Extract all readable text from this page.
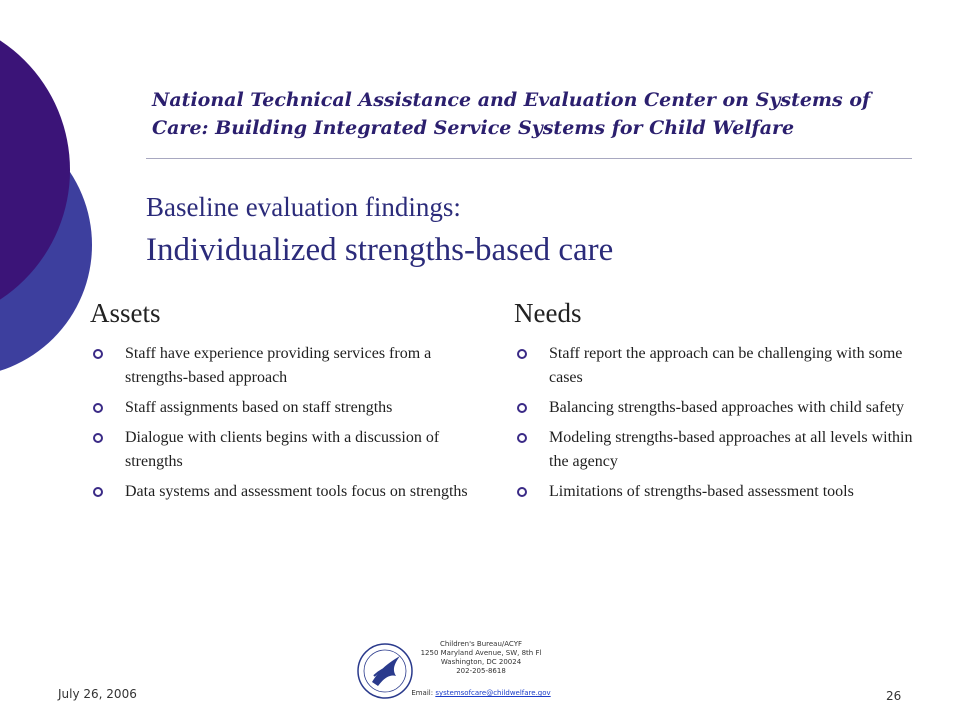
National Technical Assistance and Evaluation Center on Systems of Care: Building Integrated Service Systems for Child Welfare
Baseline evaluation findings:
Individualized strengths-based care
Assets
Staff have experience providing services from a strengths-based approach
Staff assignments based on staff strengths
Dialogue with clients begins with a discussion of strengths
Data systems and assessment tools focus on strengths
Needs
Staff report the approach can be challenging with some cases
Balancing strengths-based approaches with child safety
Modeling strengths-based approaches at all levels within the agency
Limitations of strengths-based assessment tools
July 26, 2006	26
Children's Bureau/ACYF
1250 Maryland Avenue, SW, 8th Fl
Washington, DC 20024
202-205-8618
Email: systemsofcare@childwelfare.gov
